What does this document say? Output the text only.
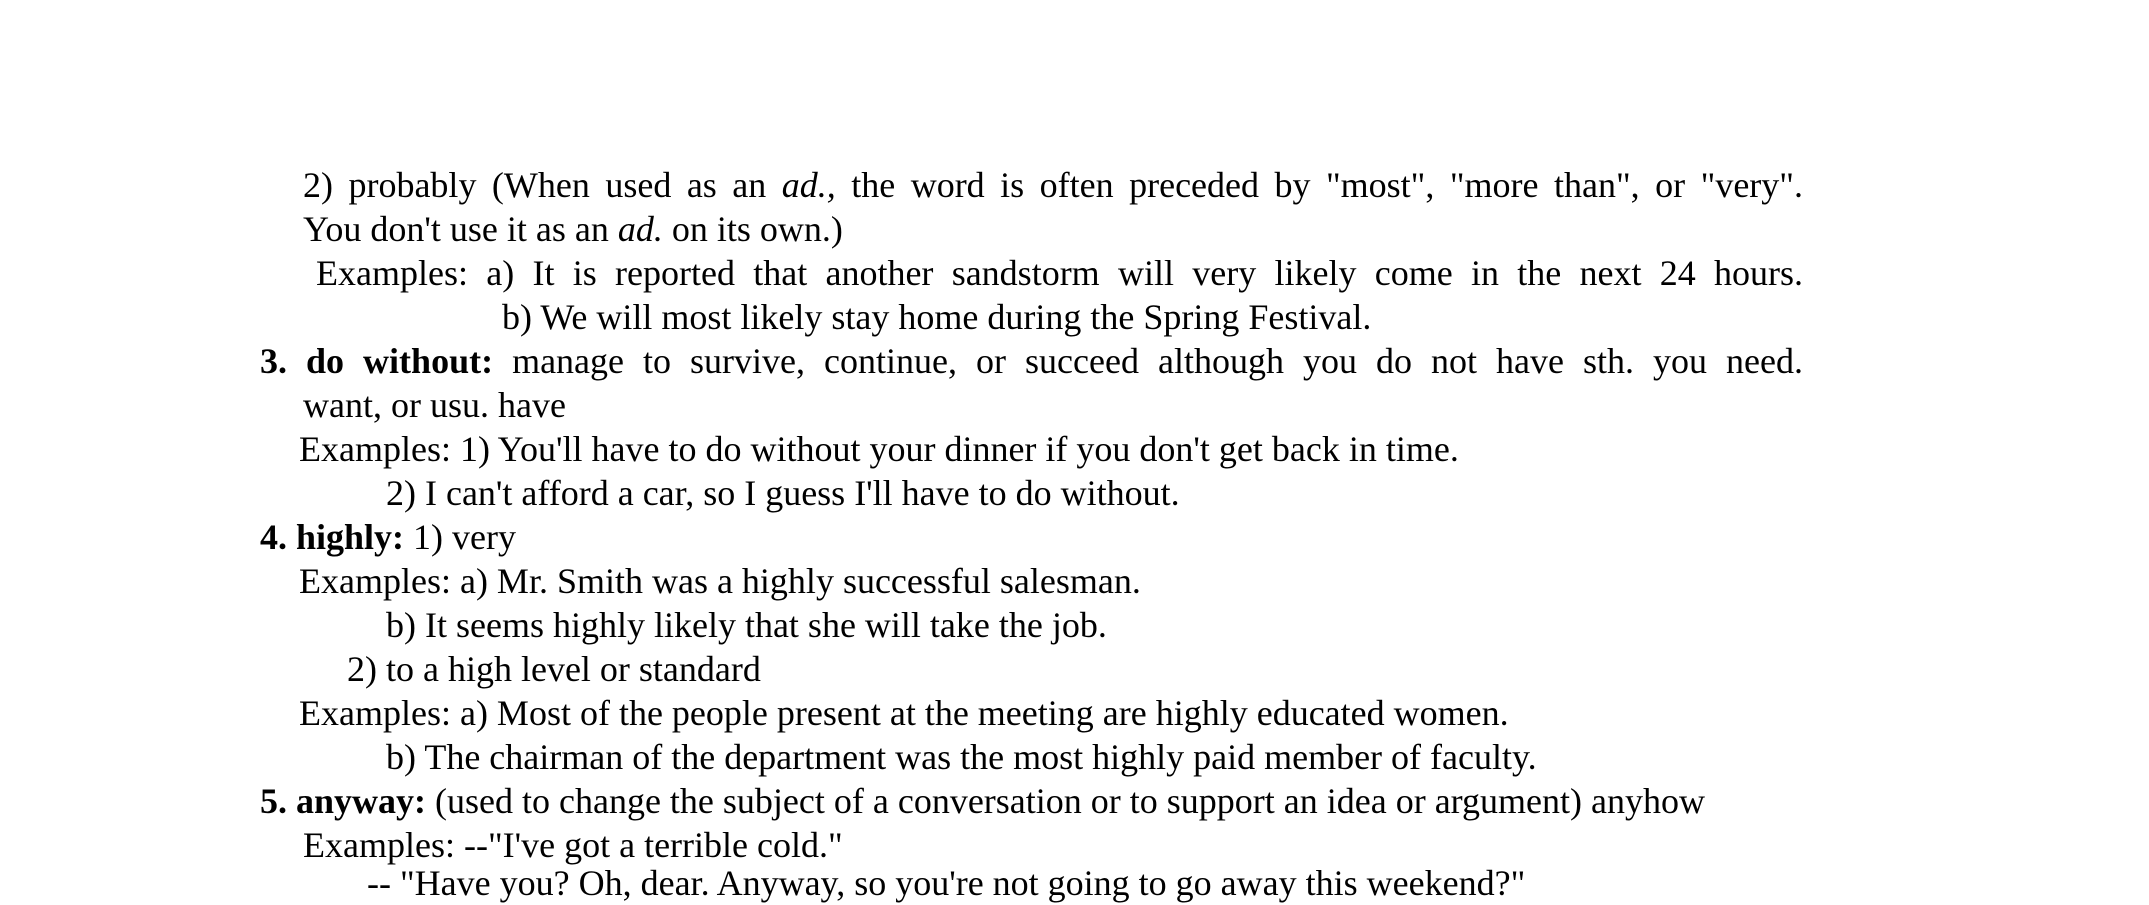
2) probably (When used as an ad., the word is often preceded by "most", "more than", or "very".
You don't use it as an ad. on its own.)
Examples: a) It is reported that another sandstorm will very likely come in the next 24 hours.
b) We will most likely stay home during the Spring Festival.
3. do without: manage to survive, continue, or succeed although you do not have sth. you need.
want, or usu. have
Examples: 1) You'll have to do without your dinner if you don't get back in time.
2) I can't afford a car, so I guess I'll have to do without.
4. highly: 1) very
Examples: a) Mr. Smith was a highly successful salesman.
b) It seems highly likely that she will take the job.
2) to a high level or standard
Examples: a) Most of the people present at the meeting are highly educated women.
b) The chairman of the department was the most highly paid member of faculty.
5. anyway: (used to change the subject of a conversation or to support an idea or argument) anyhow
Examples: --"I've got a terrible cold."
-- "Have you? Oh, dear. Anyway, so you're not going to go away this weekend?"
